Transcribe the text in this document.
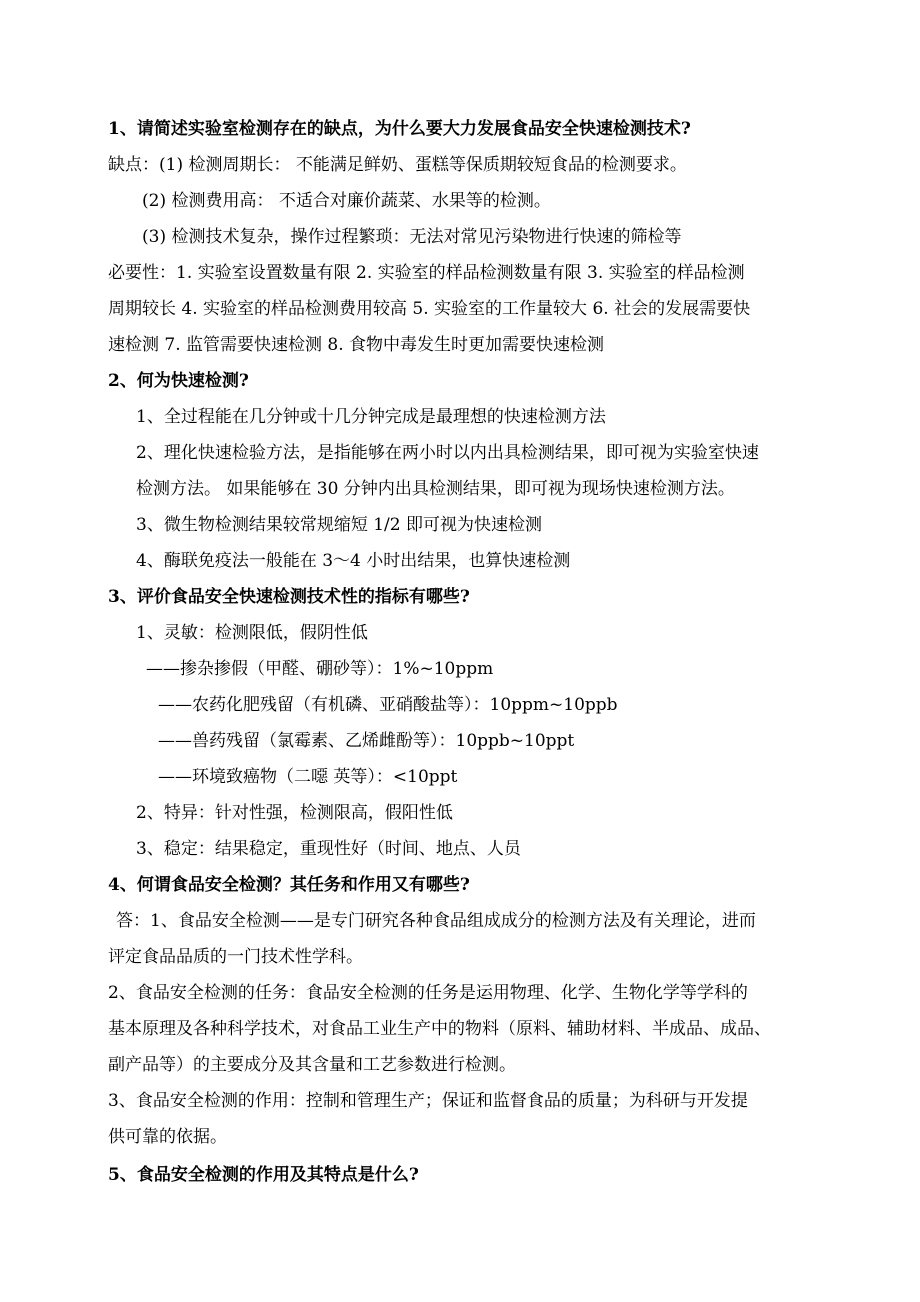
1、请简述实验室检测存在的缺点，为什么要大力发展食品安全快速检测技术?
缺点：(1) 检测周期长： 不能满足鲜奶、蛋糕等保质期较短食品的检测要求。
(2) 检测费用高： 不适合对廉价蔬菜、水果等的检测。
(3) 检测技术复杂，操作过程繁琐：无法对常见污染物进行快速的筛检等
必要性：1. 实验室设置数量有限 2. 实验室的样品检测数量有限 3. 实验室的样品检测
周期较长 4. 实验室的样品检测费用较高 5. 实验室的工作量较大 6. 社会的发展需要快
速检测 7. 监管需要快速检测 8. 食物中毒发生时更加需要快速检测
2、何为快速检测?
1、全过程能在几分钟或十几分钟完成是最理想的快速检测方法
2、理化快速检验方法，是指能够在两小时以内出具检测结果，即可视为实验室快速
检测方法。 如果能够在 30 分钟内出具检测结果，即可视为现场快速检测方法。
3、微生物检测结果较常规缩短 1/2 即可视为快速检测
4、酶联免疫法一般能在 3～4 小时出结果，也算快速检测
3、评价食品安全快速检测技术性的指标有哪些?
1、灵敏：检测限低，假阴性低
——掺杂掺假（甲醛、硼砂等）：1%~10ppm
——农药化肥残留（有机磷、亚硝酸盐等）：10ppm~10ppb
——兽药残留（氯霉素、乙烯雌酚等）：10ppb~10ppt
——环境致癌物（二噁 英等）：<10ppt
2、特异：针对性强，检测限高，假阳性低
3、稳定：结果稳定，重现性好（时间、地点、人员
4、何谓食品安全检测？其任务和作用又有哪些?
答：1、食品安全检测——是专门研究各种食品组成成分的检测方法及有关理论，进而
评定食品品质的一门技术性学科。
2、食品安全检测的任务：食品安全检测的任务是运用物理、化学、生物化学等学科的
基本原理及各种科学技术，对食品工业生产中的物料（原料、辅助材料、半成品、成品、
副产品等）的主要成分及其含量和工艺参数进行检测。
3、食品安全检测的作用：控制和管理生产；保证和监督食品的质量；为科研与开发提
供可靠的依据。
5、食品安全检测的作用及其特点是什么?
